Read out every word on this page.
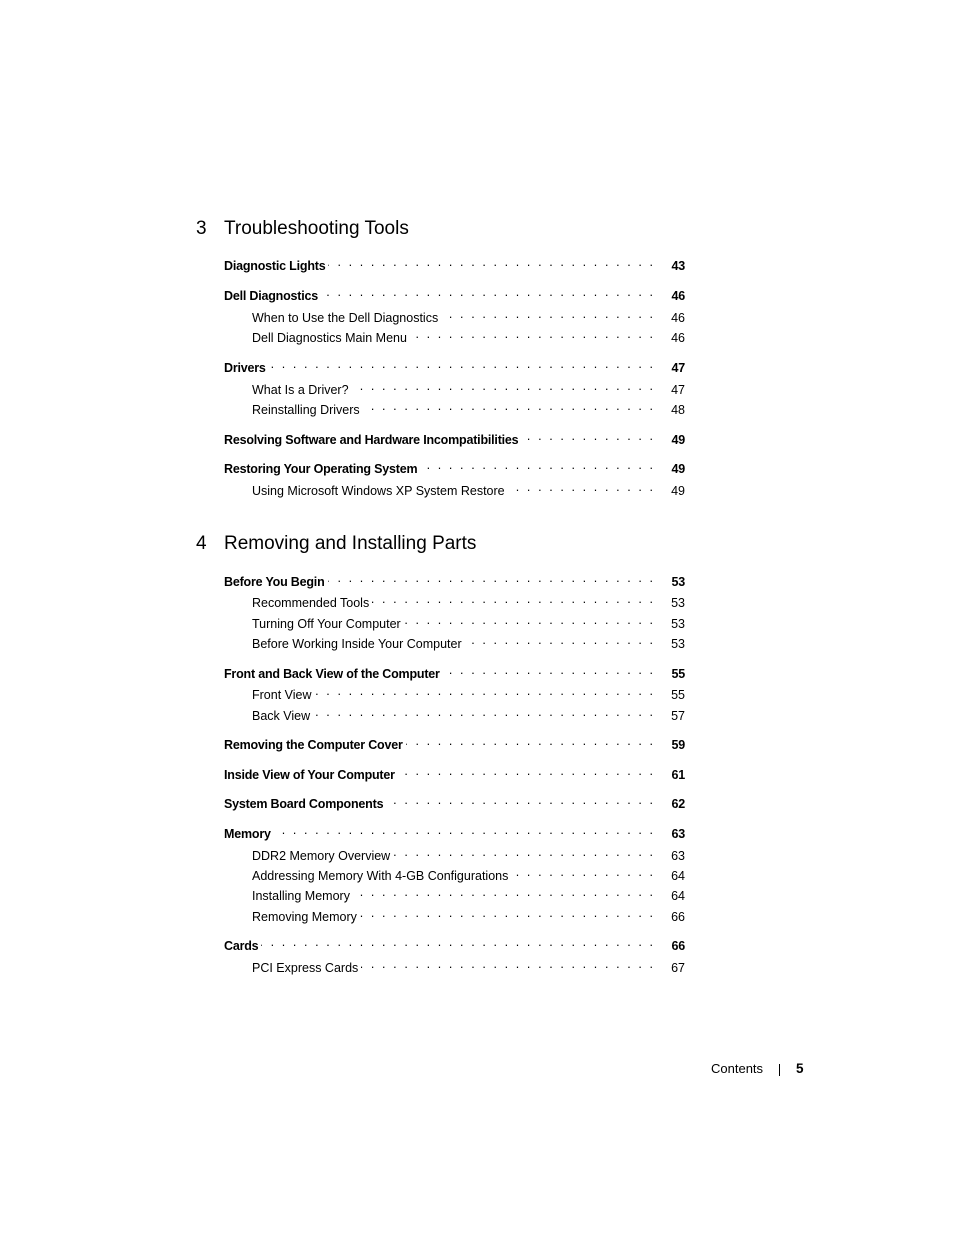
3 Troubleshooting Tools
Diagnostic Lights . . .	43
Dell Diagnostics . . .	46
When to Use the Dell Diagnostics . . .	46
Dell Diagnostics Main Menu . . .	46
Drivers . . .	47
What Is a Driver? . . .	47
Reinstalling Drivers . . .	48
Resolving Software and Hardware Incompatibilities . . .	49
Restoring Your Operating System . . .	49
Using Microsoft Windows XP System Restore . . .	49
4 Removing and Installing Parts
Before You Begin . . .	53
Recommended Tools . . .	53
Turning Off Your Computer . . .	53
Before Working Inside Your Computer . . .	53
Front and Back View of the Computer . . .	55
Front View . . .	55
Back View . . .	57
Removing the Computer Cover . . .	59
Inside View of Your Computer . . .	61
System Board Components . . .	62
Memory . . .	63
DDR2 Memory Overview . . .	63
Addressing Memory With 4-GB Configurations . . .	64
Installing Memory . . .	64
Removing Memory . . .	66
Cards . . .	66
PCI Express Cards . . .	67
Contents	5
